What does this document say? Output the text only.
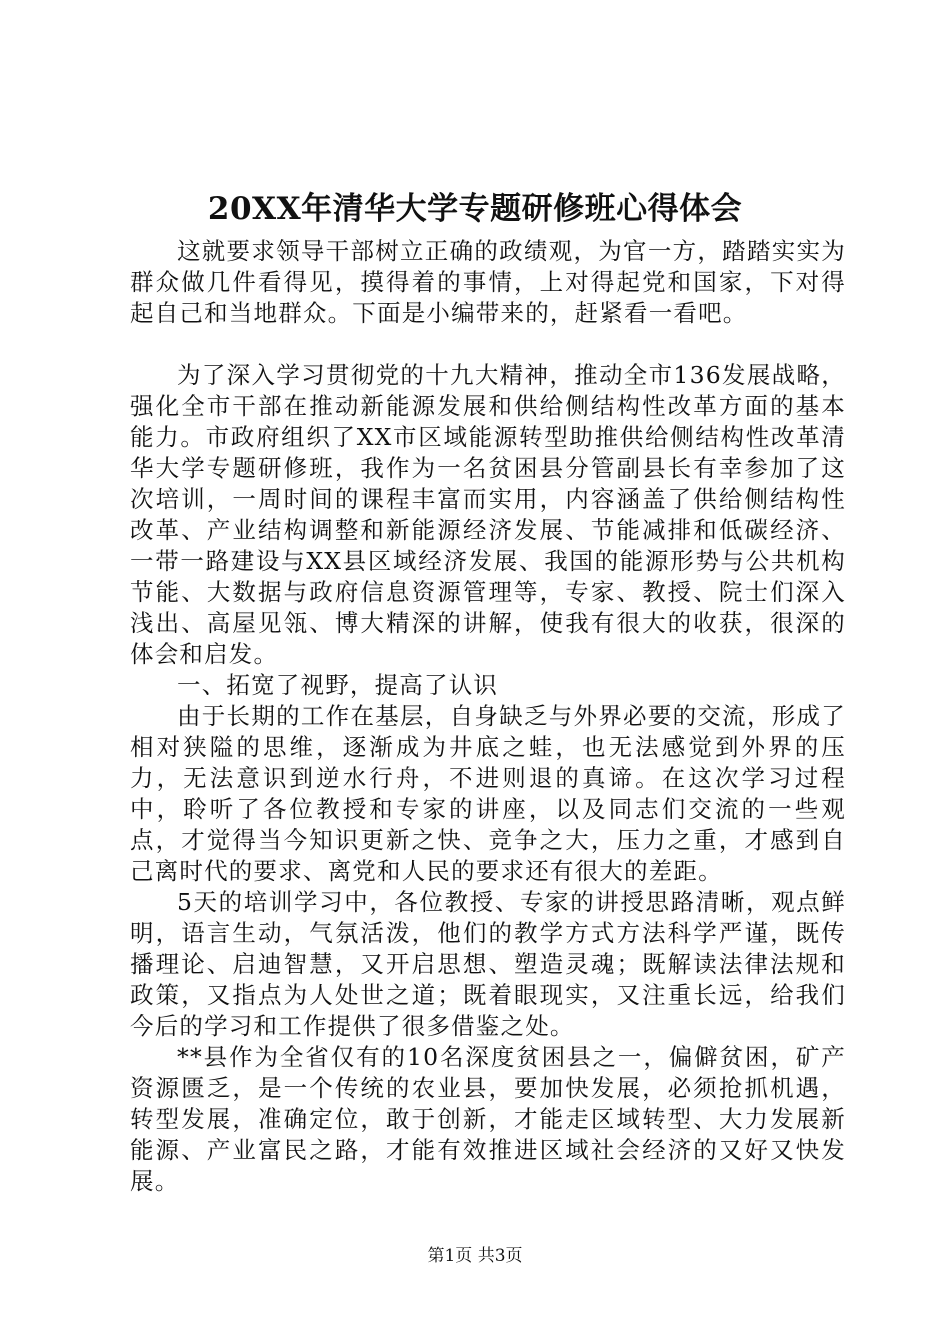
20XX年清华大学专题研修班心得体会

这就要求领导干部树立正确的政绩观，为官一方，踏踏实实为群众做几件看得见，摸得着的事情，上对得起党和国家，下对得起自己和当地群众。下面是小编带来的，赶紧看一看吧。

为了深入学习贯彻党的十九大精神，推动全市136发展战略，强化全市干部在推动新能源发展和供给侧结构性改革方面的基本能力。市政府组织了XX市区域能源转型助推供给侧结构性改革清华大学专题研修班，我作为一名贫困县分管副县长有幸参加了这次培训，一周时间的课程丰富而实用，内容涵盖了供给侧结构性改革、产业结构调整和新能源经济发展、节能减排和低碳经济、一带一路建设与XX县区域经济发展、我国的能源形势与公共机构节能、大数据与政府信息资源管理等，专家、教授、院士们深入浅出、高屋见瓴、博大精深的讲解，使我有很大的收获，很深的体会和启发。

一、拓宽了视野，提高了认识

由于长期的工作在基层，自身缺乏与外界必要的交流，形成了相对狭隘的思维，逐渐成为井底之蛙，也无法感觉到外界的压力，无法意识到逆水行舟，不进则退的真谛。在这次学习过程中，聆听了各位教授和专家的讲座，以及同志们交流的一些观点，才觉得当今知识更新之快、竞争之大，压力之重，才感到自己离时代的要求、离党和人民的要求还有很大的差距。

5天的培训学习中，各位教授、专家的讲授思路清晰，观点鲜明，语言生动，气氛活泼，他们的教学方式方法科学严谨，既传播理论、启迪智慧，又开启思想、塑造灵魂；既解读法律法规和政策，又指点为人处世之道；既着眼现实，又注重长远，给我们今后的学习和工作提供了很多借鉴之处。

**县作为全省仅有的10名深度贫困县之一，偏僻贫困，矿产资源匮乏，是一个传统的农业县，要加快发展，必须抢抓机遇，转型发展，准确定位，敢于创新，才能走区域转型、大力发展新能源、产业富民之路，才能有效推进区域社会经济的又好又快发展。

第1页 共3页
